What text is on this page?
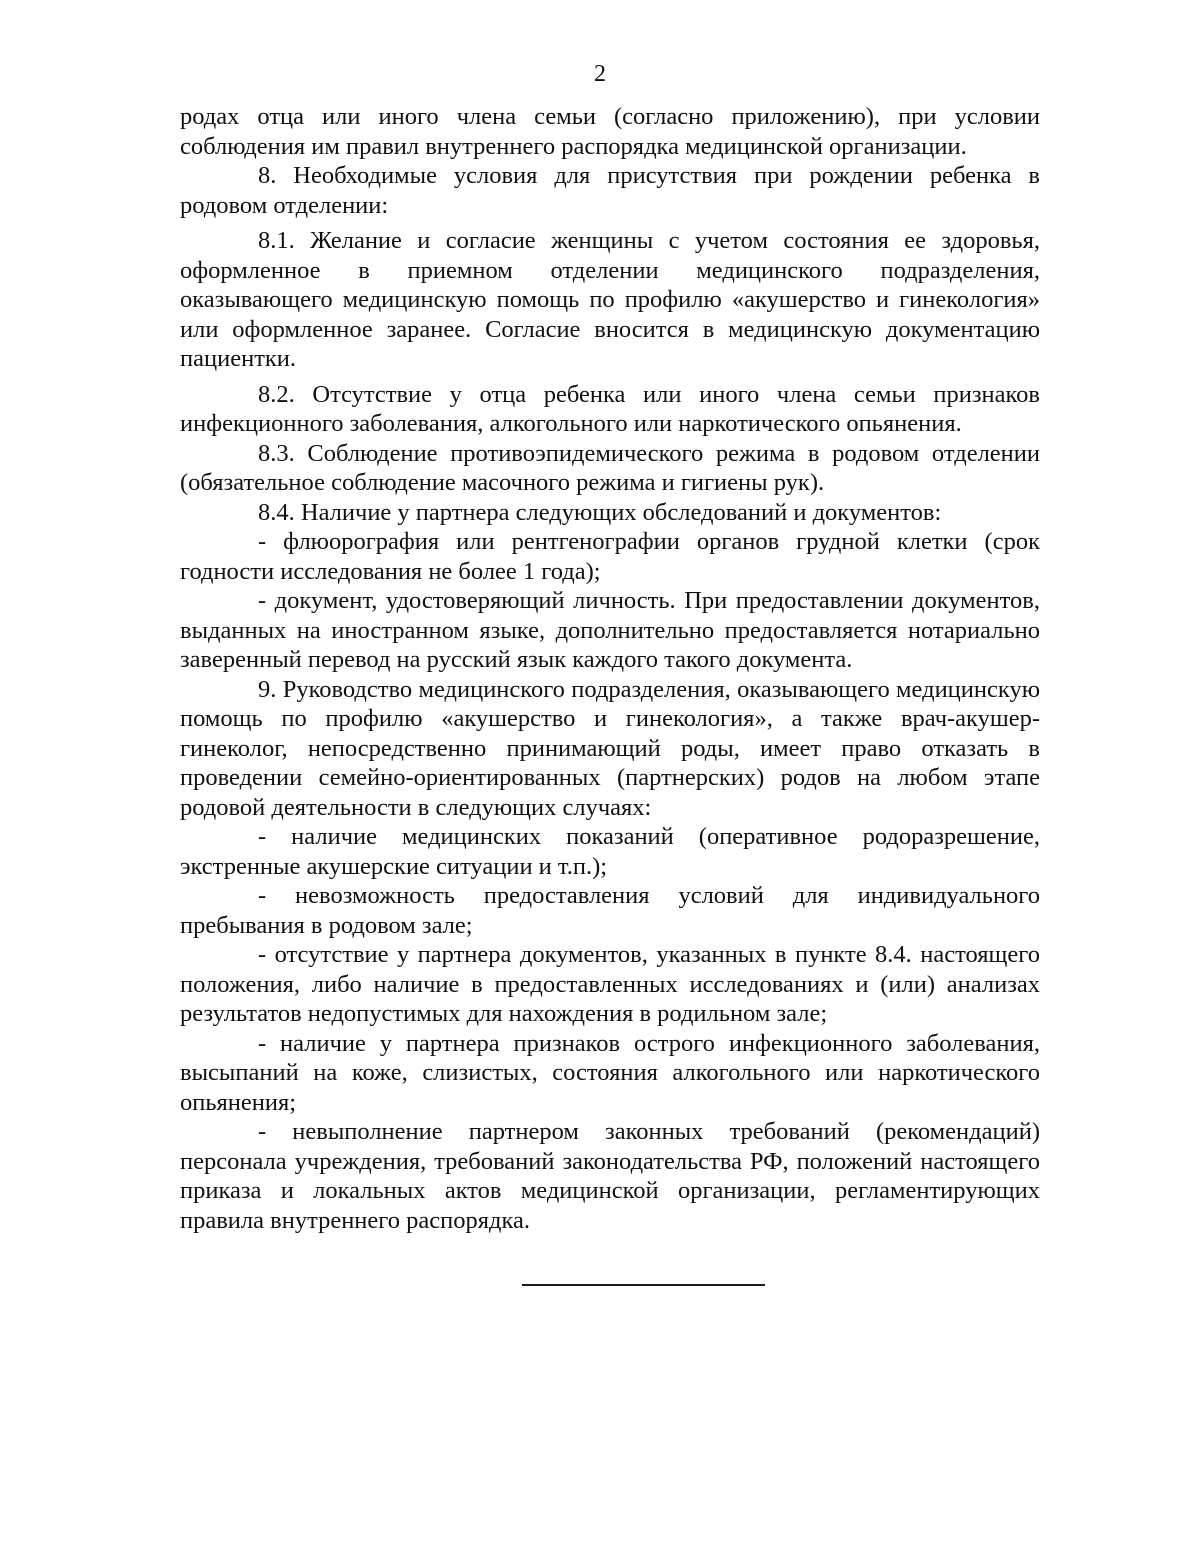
2

родах отца или иного члена семьи (согласно приложению), при условии соблюдения им правил внутреннего распорядка медицинской организации.

8. Необходимые условия для присутствия при рождении ребенка в родовом отделении:

8.1. Желание и согласие женщины с учетом состояния ее здоровья, оформленное в приемном отделении медицинского подразделения, оказывающего медицинскую помощь по профилю «акушерство и гинекология» или оформленное заранее. Согласие вносится в медицинскую документацию пациентки.

8.2. Отсутствие у отца ребенка или иного члена семьи признаков инфекционного заболевания, алкогольного или наркотического опьянения.

8.3. Соблюдение противоэпидемического режима в родовом отделении (обязательное соблюдение масочного режима и гигиены рук).

8.4. Наличие у партнера следующих обследований и документов:

- флюорография или рентгенографии органов грудной клетки (срок годности исследования не более 1 года);

- документ, удостоверяющий личность. При предоставлении документов, выданных на иностранном языке, дополнительно предоставляется нотариально заверенный перевод на русский язык каждого такого документа.

9. Руководство медицинского подразделения, оказывающего медицинскую помощь по профилю «акушерство и гинекология», а также врач-акушер-гинеколог, непосредственно принимающий роды, имеет право отказать в проведении семейно-ориентированных (партнерских) родов на любом этапе родовой деятельности в следующих случаях:

- наличие медицинских показаний (оперативное родоразрешение, экстренные акушерские ситуации и т.п.);

- невозможность предоставления условий для индивидуального пребывания в родовом зале;

- отсутствие у партнера документов, указанных в пункте 8.4. настоящего положения, либо наличие в предоставленных исследованиях и (или) анализах результатов недопустимых для нахождения в родильном зале;

- наличие у партнера признаков острого инфекционного заболевания, высыпаний на коже, слизистых, состояния алкогольного или наркотического опьянения;

- невыполнение партнером законных требований (рекомендаций) персонала учреждения, требований законодательства РФ, положений настоящего приказа и локальных актов медицинской организации, регламентирующих правила внутреннего распорядка.
